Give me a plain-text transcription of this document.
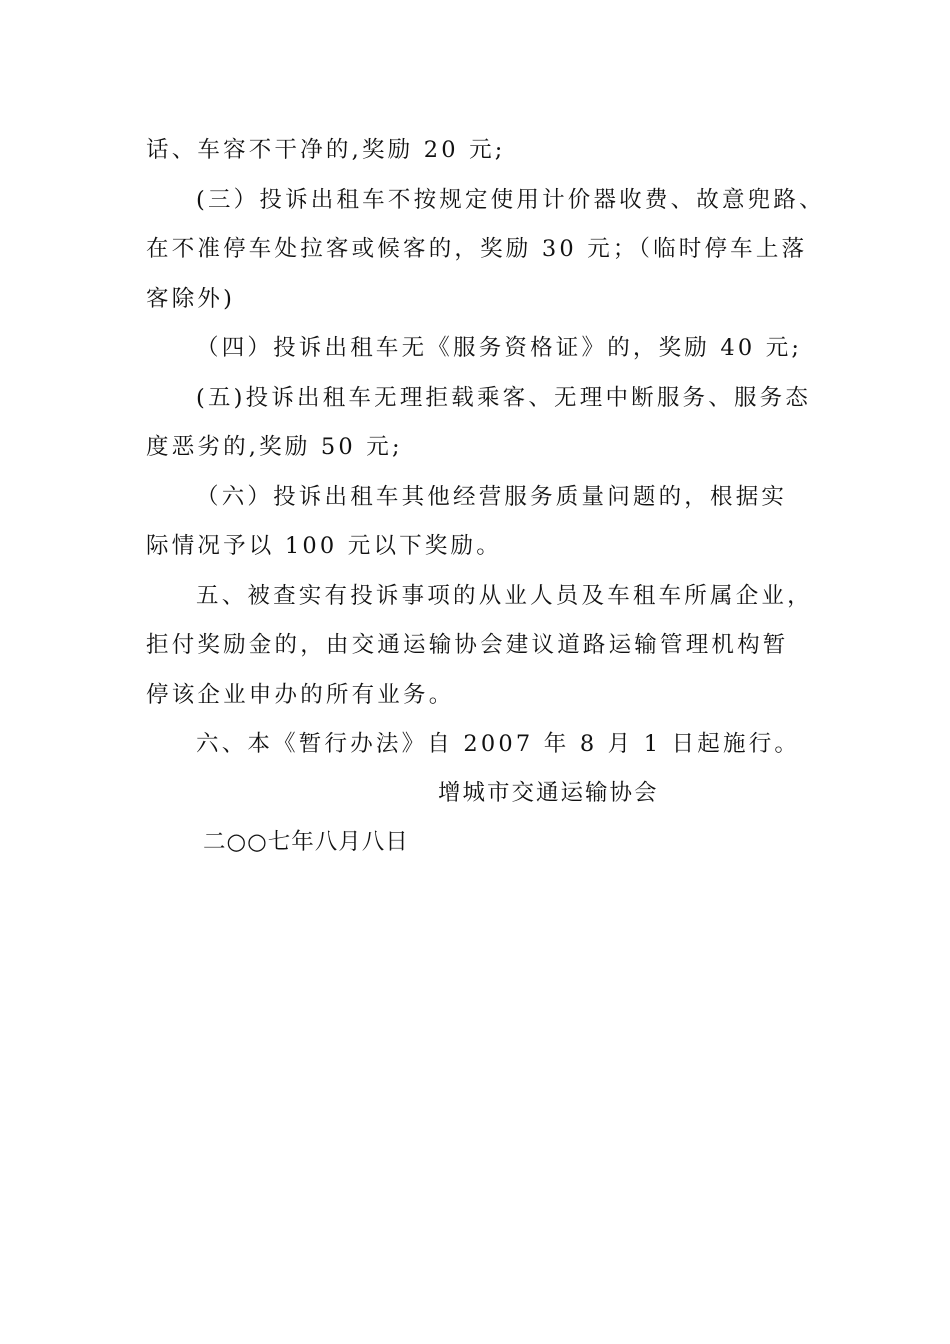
话、车容不干净的,奖励 20 元;
(三）投诉出租车不按规定使用计价器收费、故意兜路、
在不准停车处拉客或候客的，奖励 30 元；（临时停车上落
客除外)
（四）投诉出租车无《服务资格证》的，奖励 40 元;
(五)投诉出租车无理拒载乘客、无理中断服务、服务态
度恶劣的,奖励 50 元;
（六）投诉出租车其他经营服务质量问题的，根据实
际情况予以 100 元以下奖励。
五、被查实有投诉事项的从业人员及车租车所属企业，
拒付奖励金的，由交通运输协会建议道路运输管理机构暂
停该企业申办的所有业务。
六、本《暂行办法》自 2007 年 8 月 1 日起施行。
增城市交通运输协会
二○○七年八月八日
